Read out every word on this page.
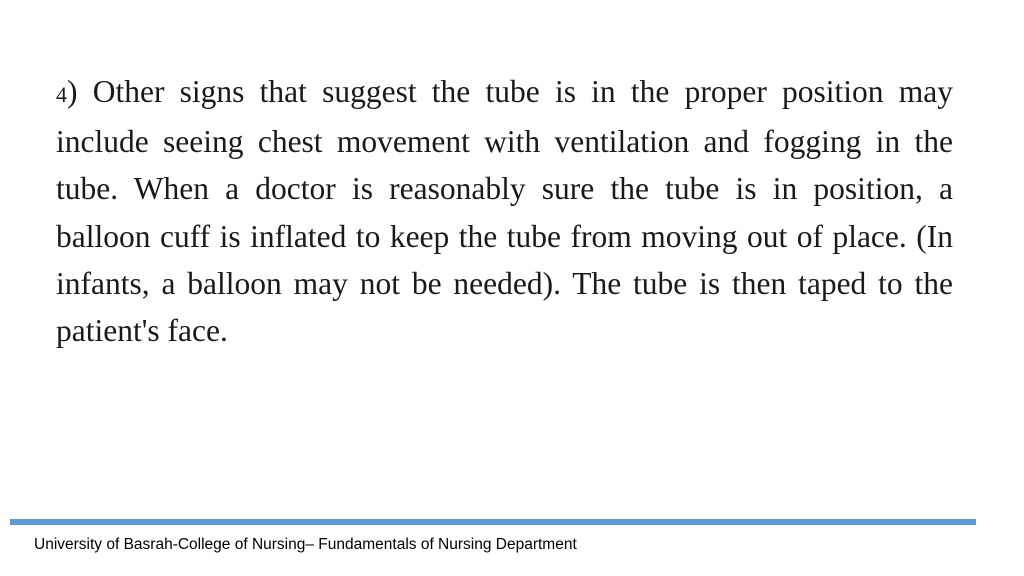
4) Other signs that suggest the tube is in the proper position may include seeing chest movement with ventilation and fogging in the tube. When a doctor is reasonably sure the tube is in position, a balloon cuff is inflated to keep the tube from moving out of place. (In infants, a balloon may not be needed). The tube is then taped to the patient's face.

University of Basrah-College of Nursing– Fundamentals of Nursing Department
